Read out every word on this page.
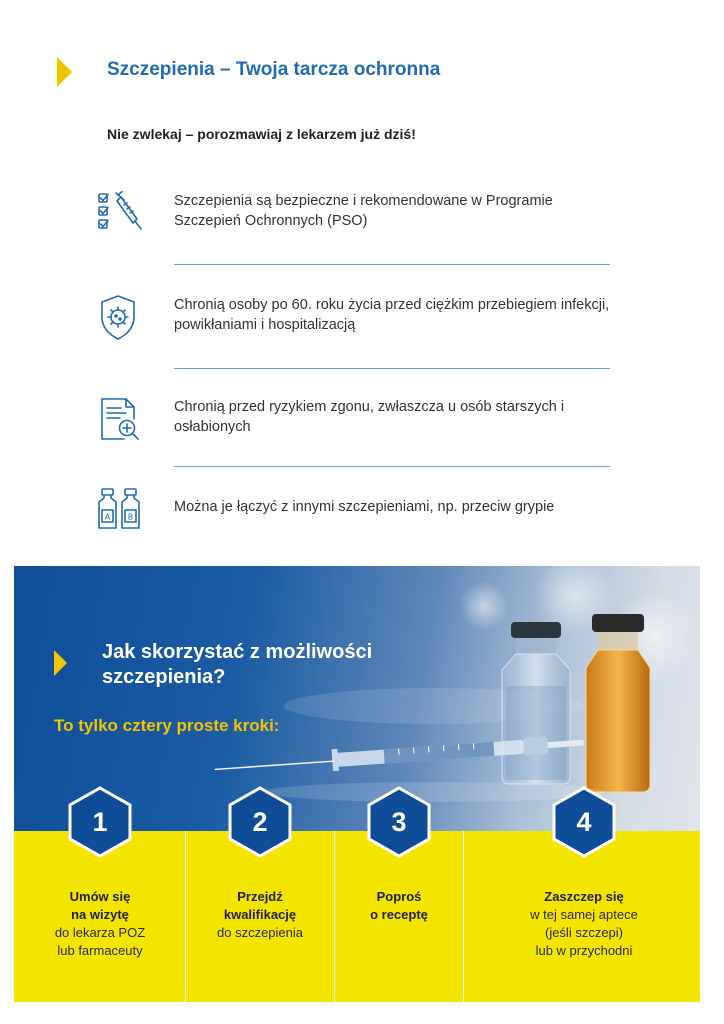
Szczepienia – Twoja tarcza ochronna

Nie zwlekaj – porozmawiaj z lekarzem już dziś!

Szczepienia są bezpieczne i rekomendowane w Programie Szczepień Ochronnych (PSO)
Chronią osoby po 60. roku życia przed ciężkim przebiegiem infekcji, powikłaniami i hospitalizacją
Chronią przed ryzykiem zgonu, zwłaszcza u osób starszych i osłabionych
A B
Można je łączyć z innymi szczepieniami, np. przeciw grypie
Jak skorzystać z możliwości szczepienia?

To tylko cztery proste kroki:

1
Umów się
na wizytę
do lekarza POZ
lub farmaceuty
2
Przejdź
kwalifikację
do szczepienia
3
Poproś
o receptę
4
Zaszczep się
w tej samej aptece
(jeśli szczepi)
lub w przychodni
